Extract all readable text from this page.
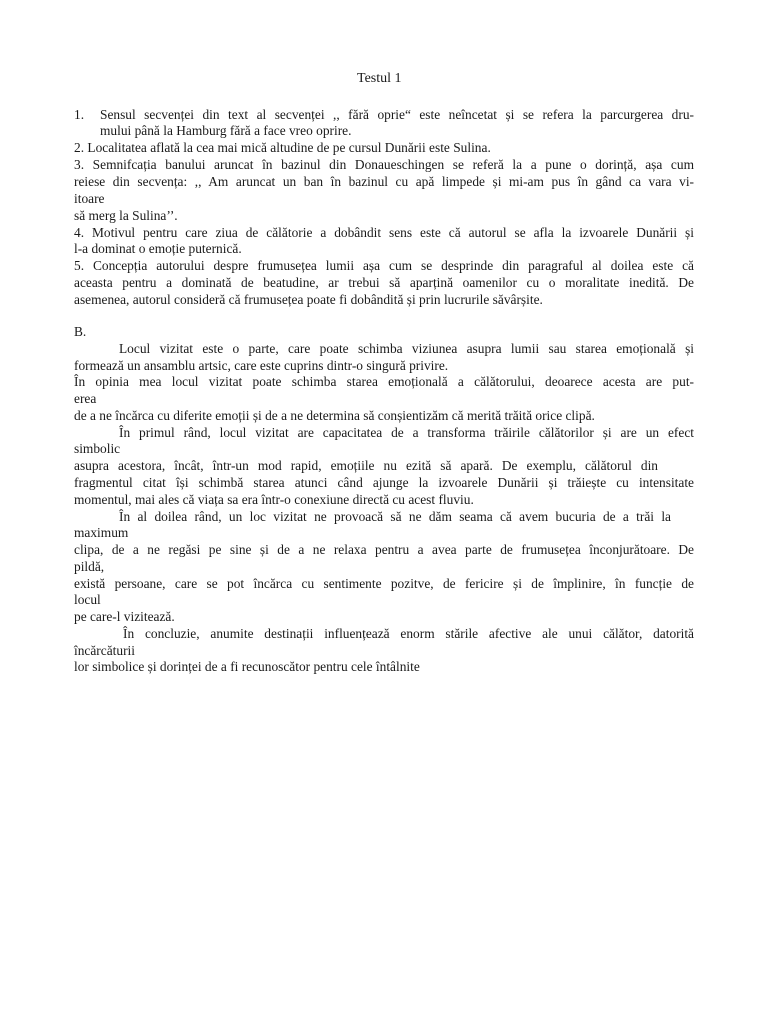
Testul 1
1. Sensul secvenței din text al secvenței ,, fără oprie“ este neîncetat și se refera la parcurgerea dru-
mului până la Hamburg fără a face vreo oprire.
2. Localitatea aflată la cea mai mică altudine de pe cursul Dunării este Sulina.
3. Semnifcația banului aruncat în bazinul din Donaueschingen se referă la a pune o dorință, așa cum
reiese din secvența: ,, Am aruncat un ban în bazinul cu apă limpede și mi-am pus în gând ca vara vi-
itoare
să merg la Sulina’’.
4. Motivul pentru care ziua de călătorie a dobândit sens este că autorul se afla la izvoarele Dunării și
l-a dominat o emoție puternică.
5. Concepția autorului despre frumusețea lumii așa cum se desprinde din paragraful al doilea este că
aceasta pentru a dominată de beatudine, ar trebui să aparțină oamenilor cu o moralitate inedită. De
asemenea, autorul consideră că frumusețea poate fi dobândită și prin lucrurile săvârșite.
B.
Locul vizitat este o parte, care poate schimba viziunea asupra lumii sau starea emoțională și
formează un ansamblu artsic, care este cuprins dintr-o singură privire.
În opinia mea locul vizitat poate schimba starea emoțională a călătorului, deoarece acesta are put-
erea
de a ne încărca cu diferite emoții și de a ne determina să conșientizăm că merită trăită orice clipă.
În primul rând, locul vizitat are capacitatea de a transforma trăirile călătorilor și are un efect
simbolic
asupra acestora, încât, într-un mod rapid, emoțiile nu ezită să apară. De exemplu, călătorul din
fragmentul citat își schimbă starea atunci când ajunge la izvoarele Dunării și trăiește cu intensitate
momentul, mai ales că viața sa era într-o conexiune directă cu acest fluviu.
În al doilea rând, un loc vizitat ne provoacă să ne dăm seama că avem bucuria de a trăi la
maximum
clipa, de a ne regăsi pe sine și de a ne relaxa pentru a avea parte de frumusețea înconjurătoare. De
pildă,
există persoane, care se pot încărca cu sentimente pozitve, de fericire și de împlinire, în funcție de
locul
pe care-l vizitează.
În concluzie, anumite destinații influențează enorm stările afective ale unui călător, datorită
încărcăturii
lor simbolice și dorinței de a fi recunoscător pentru cele întâlnite
